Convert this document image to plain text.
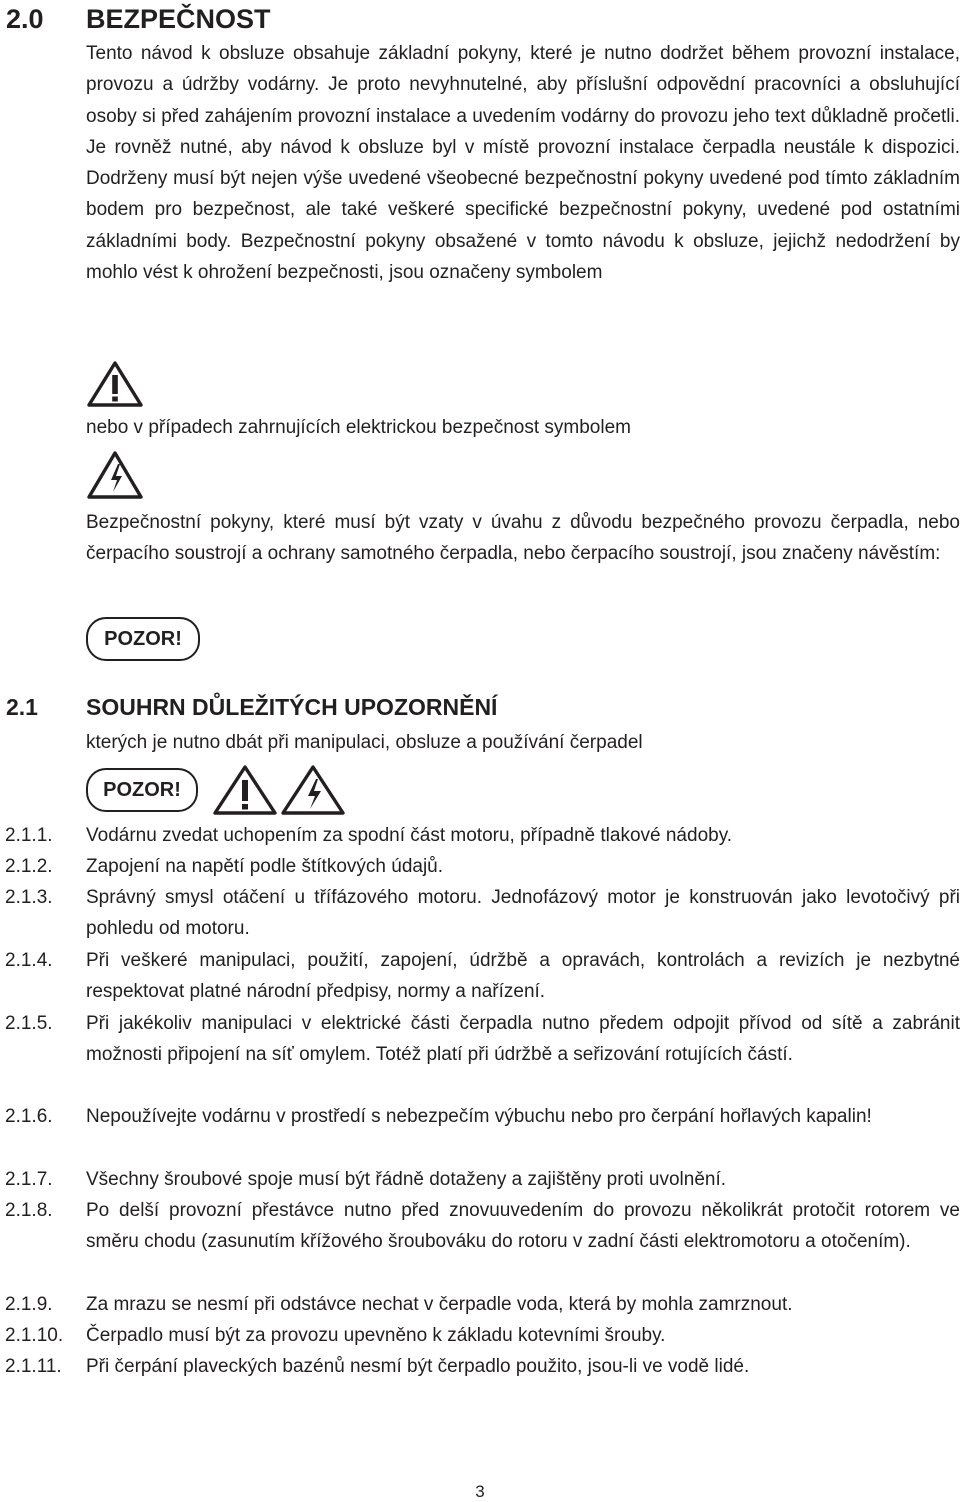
2.0 BEZPEČNOST

Tento návod k obsluze obsahuje základní pokyny, které je nutno dodržet během provozní instalace, provozu a údržby vodárny. Je proto nevyhnutelné, aby příslušní odpovědní pracovníci a obsluhující osoby si před zahájením provozní instalace a uvedením vodárny do provozu jeho text důkladně pročetli. Je rovněž nutné, aby návod k obsluze byl v místě provozní instalace čerpadla neustále k dispozici. Dodrženy musí být nejen výše uvedené všeobecné bezpečnostní pokyny uvedené pod tímto základním bodem pro bezpečnost, ale také veškeré specifické bezpečnostní pokyny, uvedené pod ostatními základními body. Bezpečnostní pokyny obsažené v tomto návodu k obsluze, jejichž nedodržení by mohlo vést k ohrožení bezpečnosti, jsou označeny symbolem

nebo v případech zahrnujících elektrickou bezpečnost symbolem

Bezpečnostní pokyny, které musí být vzaty v úvahu z důvodu bezpečného provozu čerpadla, nebo čerpacího soustrojí a ochrany samotného čerpadla, nebo čerpacího soustrojí, jsou značeny návěstím:

POZOR!
2.1 SOUHRN DŮLEŽITÝCH UPOZORNĚNÍ

kterých je nutno dbát při manipulaci, obsluze a používání čerpadel

POZOR!
2.1.1. Vodárnu zvedat uchopením za spodní část motoru, případně tlakové nádoby.

2.1.2. Zapojení na napětí podle štítkových údajů.

2.1.3. Správný smysl otáčení u třífázového motoru. Jednofázový motor je konstruován jako levotočivý při pohledu od motoru.

2.1.4. Při veškeré manipulaci, použití, zapojení, údržbě a opravách, kontrolách a revizích je nezbytné respektovat platné národní předpisy, normy a nařízení.

2.1.5. Při jakékoliv manipulaci v elektrické části čerpadla nutno předem odpojit přívod od sítě a zabránit možnosti připojení na síť omylem. Totéž platí při údržbě a seřizování rotujících částí.

2.1.6. Nepoužívejte vodárnu v prostředí s nebezpečím výbuchu nebo pro čerpání hořlavých kapalin!

2.1.7. Všechny šroubové spoje musí být řádně dotaženy a zajištěny proti uvolnění.

2.1.8. Po delší provozní přestávce nutno před znovuuvedením do provozu několikrát protočit rotorem ve směru chodu (zasunutím křížového šroubováku do rotoru v zadní části elektromotoru a otočením).

2.1.9. Za mrazu se nesmí při odstávce nechat v čerpadle voda, která by mohla zamrznout.

2.1.10. Čerpadlo musí být za provozu upevněno k základu kotevními šrouby.

2.1.11. Při čerpání plaveckých bazénů nesmí být čerpadlo použito, jsou-li ve vodě lidé.

3
